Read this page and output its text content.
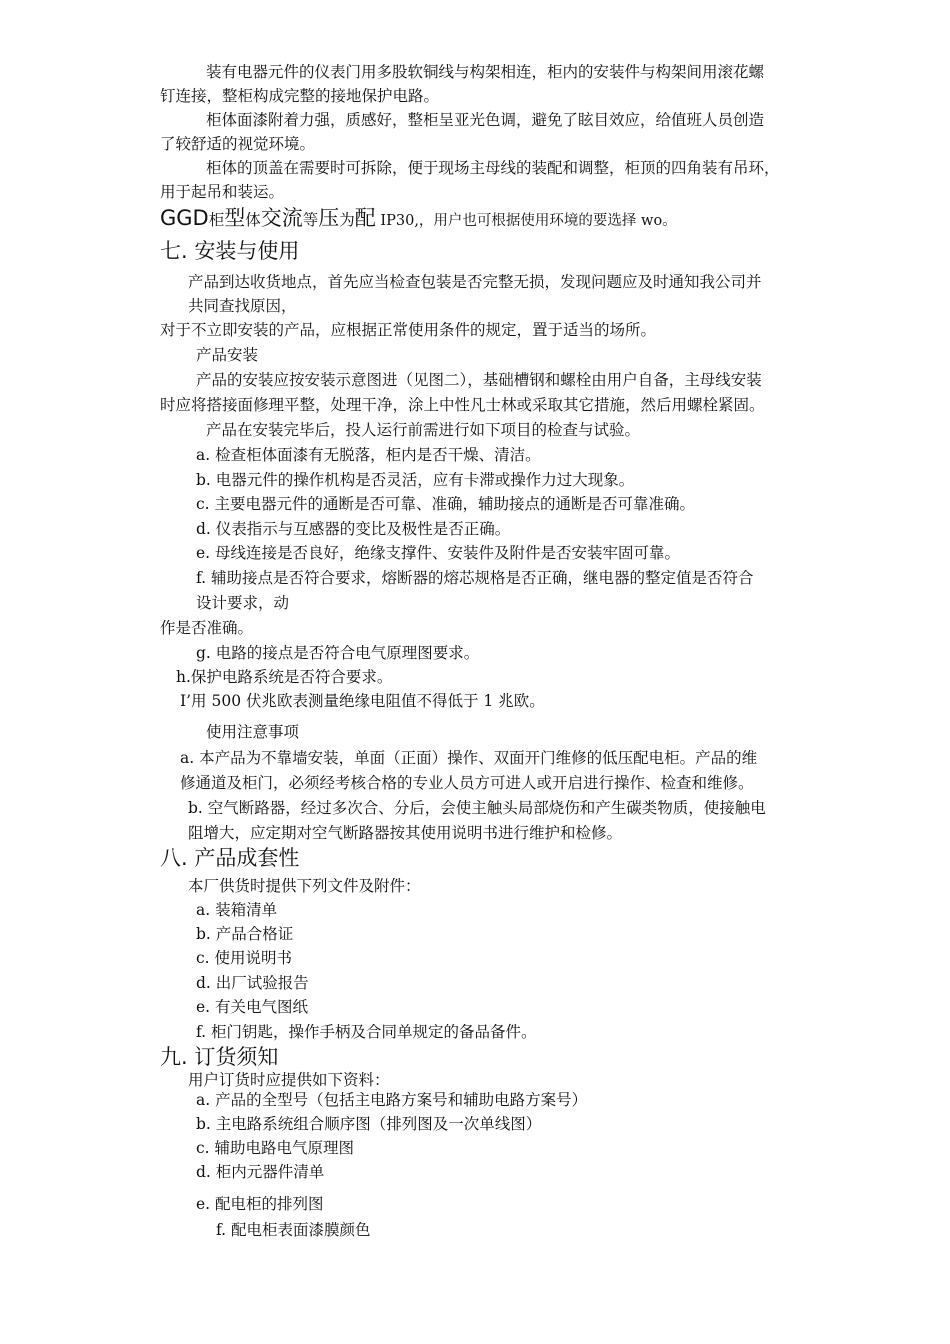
装有电器元件的仪表门用多股软铜线与构架相连，柜内的安装件与构架间用滚花螺
钉连接，整柜构成完整的接地保护电路。
柜体面漆附着力强，质感好，整柜呈亚光色调，避免了眩目效应，给值班人员创造
了较舒适的视觉环境。
柜体的顶盖在需要时可拆除，便于现场主母线的装配和调整，柜顶的四角装有吊环，
用于起吊和装运。
GGD柜型体交流等压为配 IP30,，用户也可根据使用环境的要选择 wo。
七. 安装与使用
产品到达收货地点，首先应当检查包装是否完整无损，发现问题应及时通知我公司并
共同查找原因，
对于不立即安装的产品，应根据正常使用条件的规定，置于适当的场所。
产品安装
产品的安装应按安装示意图进（见图二），基础槽钢和螺栓由用户自备，主母线安装
时应将搭接面修理平整，处理干净，涂上中性凡士林或采取其它措施，然后用螺栓紧固。
产品在安装完毕后，投人运行前需进行如下项目的检查与试验。
a. 检查柜体面漆有无脱落，柜内是否干燥、清洁。
b. 电器元件的操作机构是否灵活，应有卡滞或操作力过大现象。
c. 主要电器元件的通断是否可靠、准确，辅助接点的通断是否可靠准确。
d. 仪表指示与互感器的变比及极性是否正确。
e. 母线连接是否良好，绝缘支撑件、安装件及附件是否安装牢固可靠。
f. 辅助接点是否符合要求，熔断器的熔芯规格是否正确，继电器的整定值是否符合
设计要求，动
作是否准确。
g. 电路的接点是否符合电气原理图要求。
h.保护电路系统是否符合要求。
I’用 500 伏兆欧表测量绝缘电阻值不得低于 1 兆欧。
使用注意事项
a. 本产品为不靠墙安装，单面（正面）操作、双面开门维修的低压配电柜。产品的维
修通道及柜门，必须经考核合格的专业人员方可进人或开启进行操作、检查和维修。
b. 空气断路器，经过多次合、分后，会使主触头局部烧伤和产生碳类物质，使接触电
阻增大，应定期对空气断路器按其使用说明书进行维护和检修。
八. 产品成套性
本厂供货时提供下列文件及附件：
a. 装箱清单
b. 产品合格证
c. 使用说明书
d. 出厂试验报告
e. 有关电气图纸
f. 柜门钥匙，操作手柄及合同单规定的备品备件。
九. 订货须知
用户订货时应提供如下资料：
a. 产品的全型号（包括主电路方案号和辅助电路方案号）
b. 主电路系统组合顺序图（排列图及一次单线图）
c. 辅助电路电气原理图
d. 柜内元器件清单
e. 配电柜的排列图
f. 配电柜表面漆膜颜色
